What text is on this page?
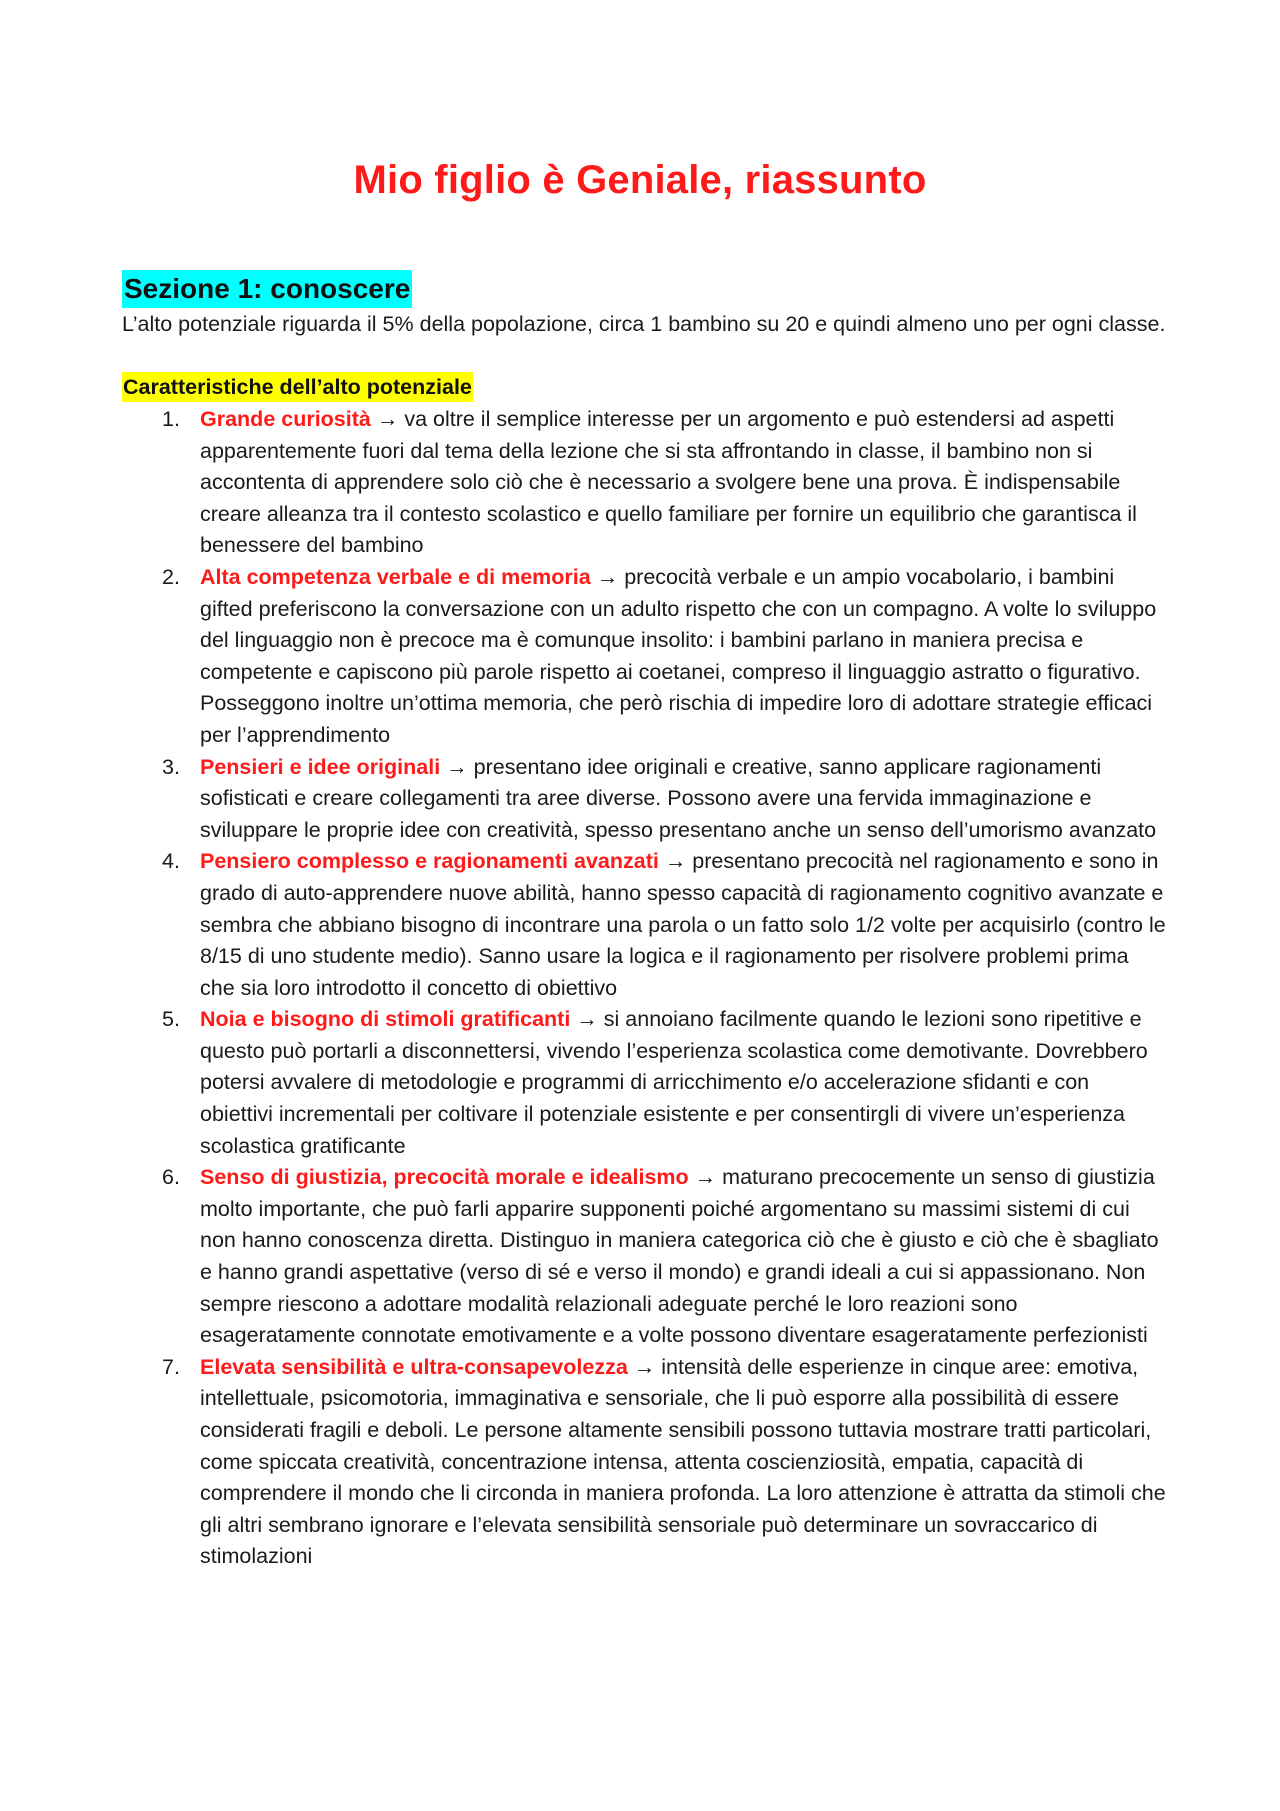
Mio figlio è Geniale, riassunto
Sezione 1: conoscere

L’alto potenziale riguarda il 5% della popolazione, circa 1 bambino su 20 e quindi almeno uno per ogni classe.

Caratteristiche dell’alto potenziale
1. Grande curiosità → va oltre il semplice interesse per un argomento e può estendersi ad aspetti apparentemente fuori dal tema della lezione che si sta affrontando in classe, il bambino non si accontenta di apprendere solo ciò che è necessario a svolgere bene una prova. È indispensabile creare alleanza tra il contesto scolastico e quello familiare per fornire un equilibrio che garantisca il benessere del bambino
2. Alta competenza verbale e di memoria → precocità verbale e un ampio vocabolario, i bambini gifted preferiscono la conversazione con un adulto rispetto che con un compagno. A volte lo sviluppo del linguaggio non è precoce ma è comunque insolito: i bambini parlano in maniera precisa e competente e capiscono più parole rispetto ai coetanei, compreso il linguaggio astratto o figurativo. Posseggono inoltre un’ottima memoria, che però rischia di impedire loro di adottare strategie efficaci per l’apprendimento
3. Pensieri e idee originali → presentano idee originali e creative, sanno applicare ragionamenti sofisticati e creare collegamenti tra aree diverse. Possono avere una fervida immaginazione e sviluppare le proprie idee con creatività, spesso presentano anche un senso dell’umorismo avanzato
4. Pensiero complesso e ragionamenti avanzati → presentano precocità nel ragionamento e sono in grado di auto-apprendere nuove abilità, hanno spesso capacità di ragionamento cognitivo avanzate e sembra che abbiano bisogno di incontrare una parola o un fatto solo 1/2 volte per acquisirlo (contro le 8/15 di uno studente medio). Sanno usare la logica e il ragionamento per risolvere problemi prima che sia loro introdotto il concetto di obiettivo
5. Noia e bisogno di stimoli gratificanti → si annoiano facilmente quando le lezioni sono ripetitive e questo può portarli a disconnettersi, vivendo l’esperienza scolastica come demotivante. Dovrebbero potersi avvalere di metodologie e programmi di arricchimento e/o accelerazione sfidanti e con obiettivi incrementali per coltivare il potenziale esistente e per consentirgli di vivere un’esperienza scolastica gratificante
6. Senso di giustizia, precocità morale e idealismo → maturano precocemente un senso di giustizia molto importante, che può farli apparire supponenti poiché argomentano su massimi sistemi di cui non hanno conoscenza diretta. Distinguo in maniera categorica ciò che è giusto e ciò che è sbagliato e hanno grandi aspettative (verso di sé e verso il mondo) e grandi ideali a cui si appassionano. Non sempre riescono a adottare modalità relazionali adeguate perché le loro reazioni sono esageratamente connotate emotivamente e a volte possono diventare esageratamente perfezionisti
7. Elevata sensibilità e ultra-consapevolezza → intensità delle esperienze in cinque aree: emotiva, intellettuale, psicomotoria, immaginativa e sensoriale, che li può esporre alla possibilità di essere considerati fragili e deboli. Le persone altamente sensibili possono tuttavia mostrare tratti particolari, come spiccata creatività, concentrazione intensa, attenta coscienziosità, empatia, capacità di comprendere il mondo che li circonda in maniera profonda. La loro attenzione è attratta da stimoli che gli altri sembrano ignorare e l’elevata sensibilità sensoriale può determinare un sovraccarico di stimolazioni
